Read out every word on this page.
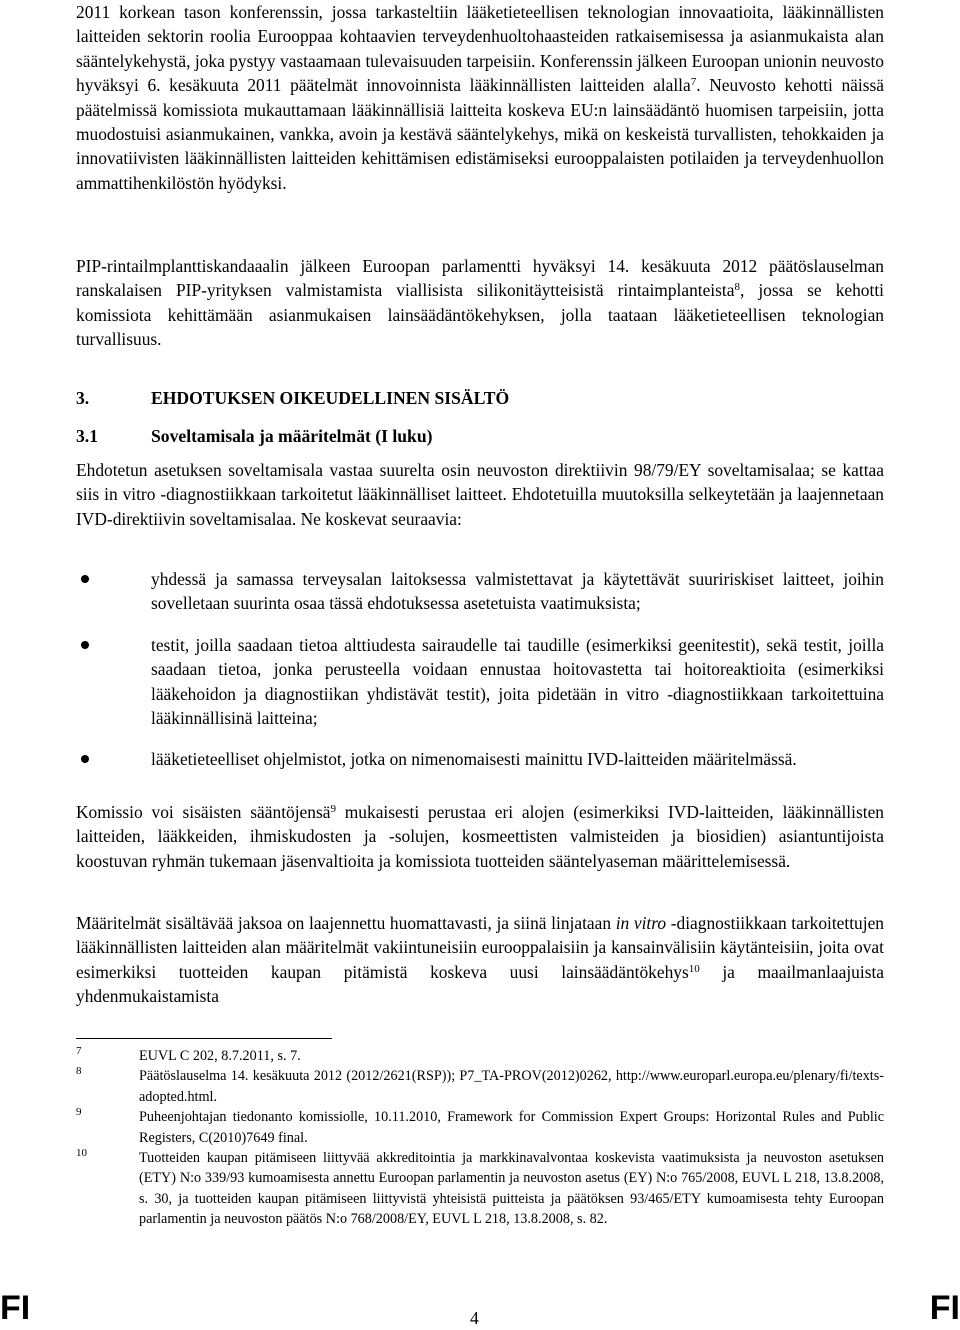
2011 korkean tason konferenssin, jossa tarkasteltiin lääketieteellisen teknologian innovaatioita, lääkinnällisten laitteiden sektorin roolia Eurooppaa kohtaavien terveydenhuoltohaasteiden ratkaisemisessa ja asianmukaista alan sääntelykehystä, joka pystyy vastaamaan tulevaisuuden tarpeisiin. Konferenssin jälkeen Euroopan unionin neuvosto hyväksyi 6. kesäkuuta 2011 päätelmät innovoinnista lääkinnällisten laitteiden alalla$^7$. Neuvosto kehotti näissä päätelmissä komissiota mukauttamaan lääkinnällisiä laitteita koskeva EU:n lainsäädäntö huomisen tarpeisiin, jotta muodostuisi asianmukainen, vankka, avoin ja kestävä sääntelykehys, mikä on keskeistä turvallisten, tehokkaiden ja innovatiivisten lääkinnällisten laitteiden kehittämisen edistämiseksi eurooppalaisten potilaiden ja terveydenhuollon ammattihenkilöstön hyödyksi.

PIP-rintailmplanttiskandaaalin jälkeen Euroopan parlamentti hyväksyi 14. kesäkuuta 2012 päätöslauselman ranskalaisen PIP-yrityksen valmistamista viallisista silikonitäytteisistä rintaimplanteista$^8$, jossa se kehotti komissiota kehittämään asianmukaisen lainsäädäntökehyksen, jolla taataan lääketieteellisen teknologian turvallisuus.

3.	EHDOTUKSEN OIKEUDELLINEN SISÄLTÖ
3.1	Soveltamisala ja määritelmät (I luku)

Ehdotetun asetuksen soveltamisala vastaa suurelta osin neuvoston direktiivin 98/79/EY soveltamisalaa; se kattaa siis in vitro -diagnostiikkaan tarkoitetut lääkinnälliset laitteet. Ehdotetuilla muutoksilla selkeytetään ja laajennetaan IVD-direktiivin soveltamisalaa. Ne koskevat seuraavia:

yhdessä ja samassa terveysalan laitoksessa valmistettavat ja käytettävät suuririskiset laitteet, joihin sovelletaan suurinta osaa tässä ehdotuksessa asetetuista vaatimuksista;

testit, joilla saadaan tietoa alttiudesta sairaudelle tai taudille (esimerkiksi geenitestit), sekä testit, joilla saadaan tietoa, jonka perusteella voidaan ennustaa hoitovastetta tai hoitoreaktioita (esimerkiksi lääkehoidon ja diagnostiikan yhdistävät testit), joita pidetään in vitro -diagnostiikkaan tarkoitettuina lääkinnällisinä laitteina;

lääketieteelliset ohjelmistot, jotka on nimenomaisesti mainittu IVD-laitteiden määritelmässä.

Komissio voi sisäisten sääntöjensä$^9$ mukaisesti perustaa eri alojen (esimerkiksi IVD-laitteiden, lääkinnällisten laitteiden, lääkkeiden, ihmiskudosten ja -solujen, kosmeettisten valmisteiden ja biosidien) asiantuntijoista koostuvan ryhmän tukemaan jäsenvaltioita ja komissiota tuotteiden sääntelyaseman määrittelemisessä.

Määritelmät sisältävää jaksoa on laajennettu huomattavasti, ja siinä linjataan in vitro -diagnostiikkaan tarkoitettujen lääkinnällisten laitteiden alan määritelmät vakiintuneisiin eurooppalaisiin ja kansainvälisiin käytänteisiin, joita ovat esimerkiksi tuotteiden kaupan pitämistä koskeva uusi lainsäädäntökehys$^{10}$ ja maailmanlaajuista yhdenmukaistamista

7	EUVL C 202, 8.7.2011, s. 7.
8	Päätöslauselma 14. kesäkuuta 2012 (2012/2621(RSP)); P7_TA-PROV(2012)0262, http://www.europarl.europa.eu/plenary/fi/texts-adopted.html.
9	Puheenjohtajan tiedonanto komissiolle, 10.11.2010, Framework for Commission Expert Groups: Horizontal Rules and Public Registers, C(2010)7649 final.
10	Tuotteiden kaupan pitämiseen liittyvää akkreditointia ja markkinavalvontaa koskevista vaatimuksista ja neuvoston asetuksen (ETY) N:o 339/93 kumoamisesta annettu Euroopan parlamentin ja neuvoston asetus (EY) N:o 765/2008, EUVL L 218, 13.8.2008, s. 30, ja tuotteiden kaupan pitämiseen liittyvistä yhteisistä puitteista ja päätöksen 93/465/ETY kumoamisesta tehty Euroopan parlamentin ja neuvoston päätös N:o 768/2008/EY, EUVL L 218, 13.8.2008, s. 82.
FI	4	FI
